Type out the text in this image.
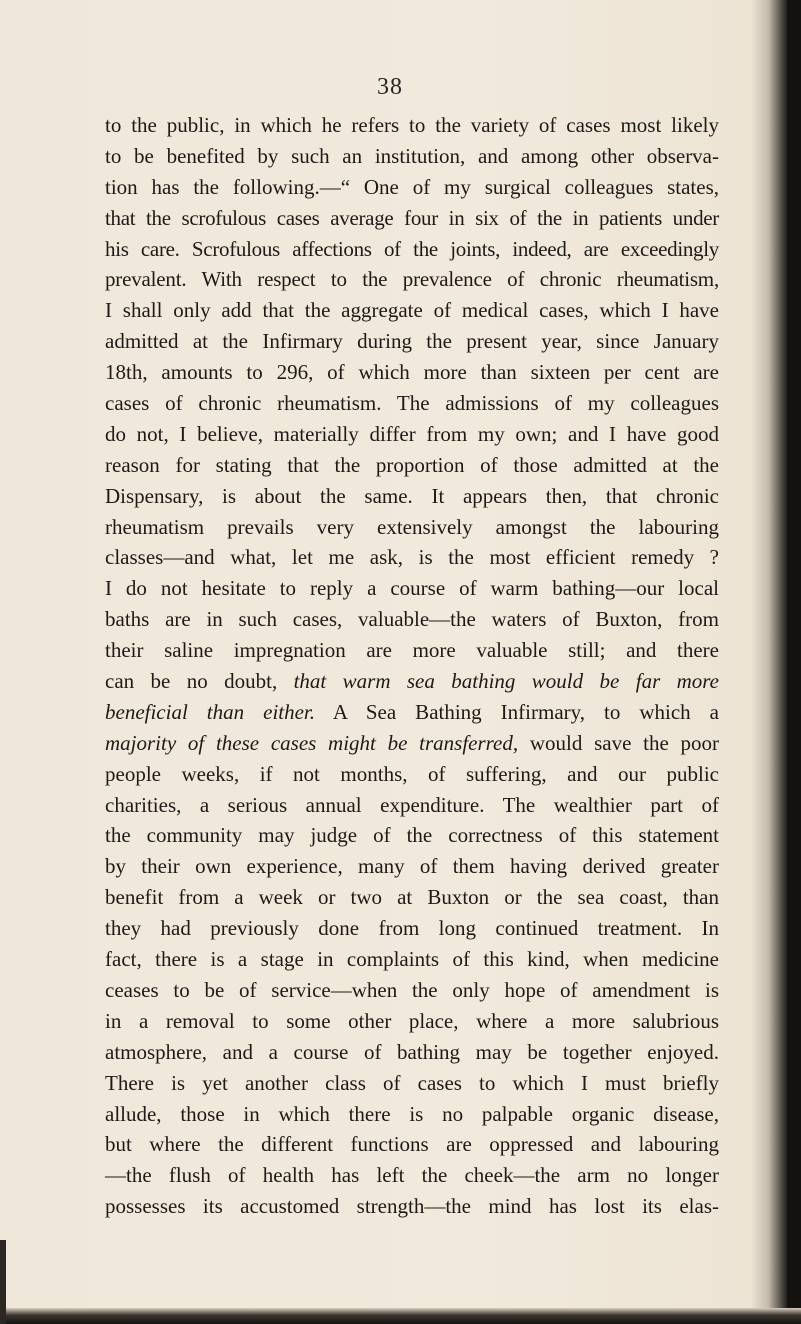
38
to the public, in which he refers to the variety of cases most likely
to be benefited by such an institution, and among other observa-
tion has the following.—“ One of my surgical colleagues states,
that the scrofulous cases average four in six of the in patients under
his care. Scrofulous affections of the joints, indeed, are exceedingly
prevalent. With respect to the prevalence of chronic rheumatism,
I shall only add that the aggregate of medical cases, which I have
admitted at the Infirmary during the present year, since January
18th, amounts to 296, of which more than sixteen per cent are
cases of chronic rheumatism. The admissions of my colleagues
do not, I believe, materially differ from my own; and I have good
reason for stating that the proportion of those admitted at the
Dispensary, is about the same. It appears then, that chronic
rheumatism prevails very extensively amongst the labouring
classes—and what, let me ask, is the most efficient remedy ?
I do not hesitate to reply a course of warm bathing—our local
baths are in such cases, valuable—the waters of Buxton, from
their saline impregnation are more valuable still; and there
can be no doubt, that warm sea bathing would be far more
beneficial than either. A Sea Bathing Infirmary, to which a
majority of these cases might be transferred, would save the poor
people weeks, if not months, of suffering, and our public
charities, a serious annual expenditure. The wealthier part of
the community may judge of the correctness of this statement
by their own experience, many of them having derived greater
benefit from a week or two at Buxton or the sea coast, than
they had previously done from long continued treatment. In
fact, there is a stage in complaints of this kind, when medicine
ceases to be of service—when the only hope of amendment is
in a removal to some other place, where a more salubrious
atmosphere, and a course of bathing may be together enjoyed.
There is yet another class of cases to which I must briefly
allude, those in which there is no palpable organic disease,
but where the different functions are oppressed and labouring
—the flush of health has left the cheek—the arm no longer
possesses its accustomed strength—the mind has lost its elas-
